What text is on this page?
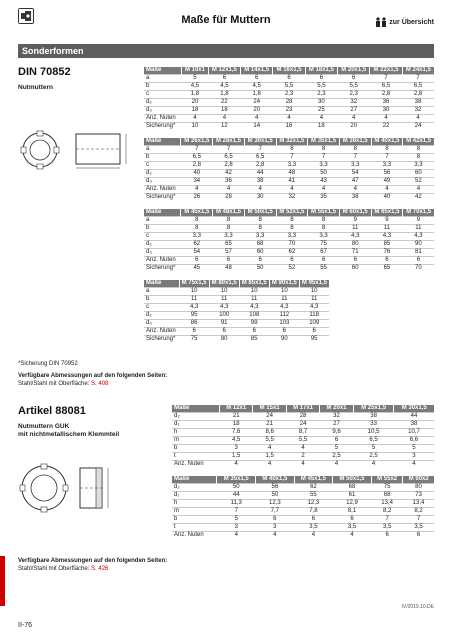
Maße für Muttern	zur Übersicht
Sonderformen
DIN 70852
Nutmuttern
Maße	M 10x1	M 12x1,5	M 14x1,5	M 16x1,5	M 18x1,5	M 20x1,5	M 22x1,5	M 24x1,5
a	5	6	6	6	6	6	7	7
b	4,5	4,5	4,5	5,5	5,5	5,5	6,5	6,5
c	1,8	1,8	1,8	2,3	2,3	2,3	2,8	2,8
d₂	20	22	24	28	30	32	36	38
d₃	18	18	20	23	25	27	30	32
Anz. Nuten	4	4	4	4	4	4	4	4
Sicherung*	10	12	14	16	18	20	22	24
Maße	M 26x1,5	M 28x1,5	M 30x1,5	M 32x1,5	M 35x1,5	M 38x1,5	M 40x1,5	M 42x1,5
a	7	7	7	8	8	8	8	8
b	6,5	6,5	6,5	7	7	7	7	8
c	2,8	2,8	2,8	3,3	3,3	3,3	3,3	3,3
d₂	40	42	44	48	50	54	56	60
d₃	34	36	38	41	43	47	49	52
Anz. Nuten	4	4	4	4	4	4	4	4
Sicherung*	26	28	30	32	35	38	40	42
Maße	M 45x1,5	M 48x1,5	M 50x1,5	M 52x1,5	M 55x1,5	M 60x1,5	M 65x1,5	M 70x1,5
a	8	8	8	8	8	9	9	9
b	8	8	8	8	8	11	11	11
c	3,3	3,3	3,3	3,3	3,3	4,3	4,3	4,3
d₂	62	65	68	70	75	80	85	90
d₃	54	57	60	62	67	71	76	81
Anz. Nuten	6	6	6	6	6	6	6	6
Sicherung*	45	48	50	52	55	60	65	70
Maße	M 75x1,5	M 80x1,5	M 85x1,5	M 90x1,5	M 95x1,5
a	10	10	10	10	10
b	11	11	11	11	11
c	4,3	4,3	4,3	4,3	4,3
d₂	95	100	108	112	118
d₃	86	91	99	103	109
Anz. Nuten	6	6	6	6	6
Sicherung*	75	80	85	90	95
*Sicherung DIN 70952
Verfügbare Abmessungen auf den folgenden Seiten:
Stahl/Stahl mit Oberfläche: S. 408
Artikel 88081
Nutmuttern GUK
mit nichtmetallischem Klemmteil
Maße	M 12x1	M 15x1	M 17x1	M 20x1	M 25x1,5	M 30x1,5
d₂	21	24	28	32	38	44
d₁	18	21	24	27	33	38
h	7,6	8,6	8,7	9,6	10,5	10,7
m	4,5	5,5	5,5	6	6,5	6,6
b	3	4	4	5	5	5
t	1,5	1,5	2	2,5	2,5	3
Anz. Nuten	4	4	4	4	4	4
Maße	M 35x1,5	M 40x1,5	M 45x1,5	M 50x1,5	M 55x2	M 60x2
d₂	50	56	62	68	75	80
d₁	44	50	55	61	68	73
h	11,3	12,3	12,3	12,9	13,4	13,4
m	7	7,7	7,8	8,1	8,2	8,2
b	5	6	6	6	7	7
t	3	3	3,5	3,5	3,5	3,5
Anz. Nuten	4	4	4	4	6	6
Verfügbare Abmessungen auf den folgenden Seiten:
Stahl/Stahl mit Oberfläche: S. 426
IV/2019.10.DE
II-76
